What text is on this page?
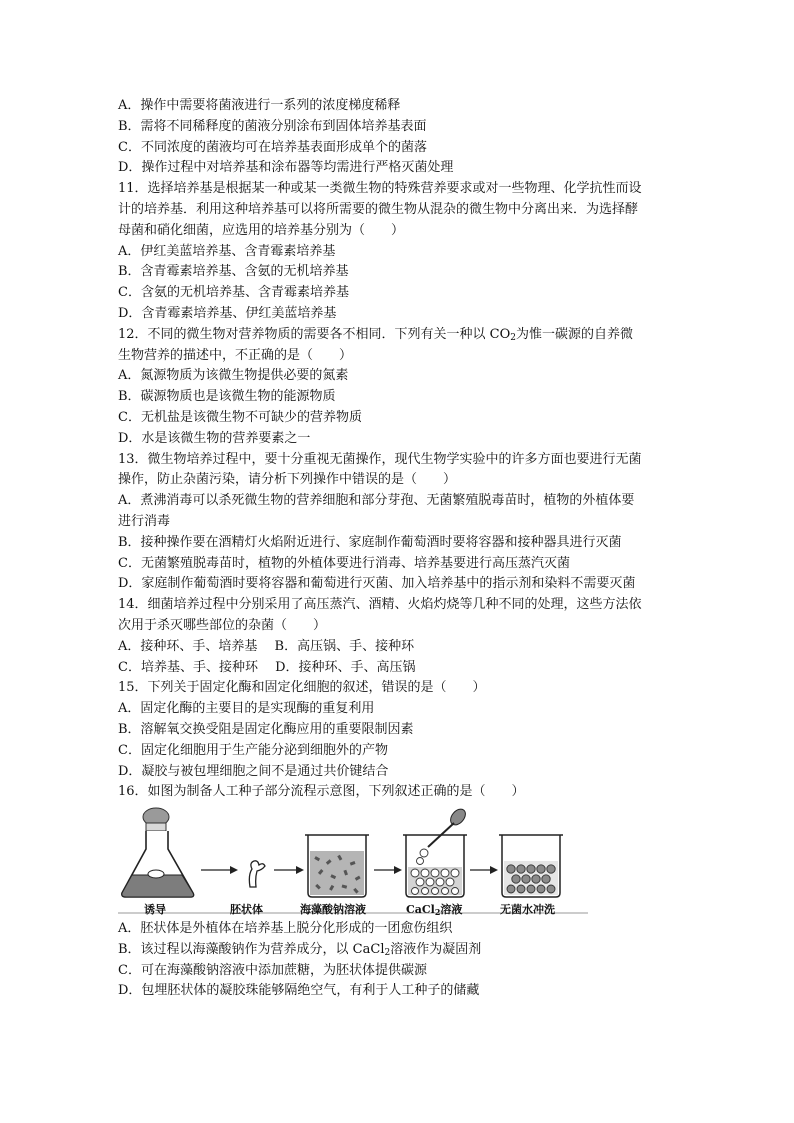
A．操作中需要将菌液进行一系列的浓度梯度稀释
B．需将不同稀释度的菌液分别涂布到固体培养基表面
C．不同浓度的菌液均可在培养基表面形成单个的菌落
D．操作过程中对培养基和涂布器等均需进行严格灭菌处理
11．选择培养基是根据某一种或某一类微生物的特殊营养要求或对一些物理、化学抗性而设
计的培养基．利用这种培养基可以将所需要的微生物从混杂的微生物中分离出来．为选择酵
母菌和硝化细菌，应选用的培养基分别为（　　）
A．伊红美蓝培养基、含青霉素培养基
B．含青霉素培养基、含氨的无机培养基
C．含氨的无机培养基、含青霉素培养基
D．含青霉素培养基、伊红美蓝培养基
12．不同的微生物对营养物质的需要各不相同．下列有关一种以 $CO_2$为惟一碳源的自养微
生物营养的描述中，不正确的是（　　）
A．氮源物质为该微生物提供必要的氮素
B．碳源物质也是该微生物的能源物质
C．无机盐是该微生物不可缺少的营养物质
D．水是该微生物的营养要素之一
13．微生物培养过程中，要十分重视无菌操作，现代生物学实验中的许多方面也要进行无菌
操作，防止杂菌污染，请分析下列操作中错误的是（　　）
A．煮沸消毒可以杀死微生物的营养细胞和部分芽孢、无菌繁殖脱毒苗时，植物的外植体要
进行消毒
B．接种操作要在酒精灯火焰附近进行、家庭制作葡萄酒时要将容器和接种器具进行灭菌
C．无菌繁殖脱毒苗时，植物的外植体要进行消毒、培养基要进行高压蒸汽灭菌
D．家庭制作葡萄酒时要将容器和葡萄进行灭菌、加入培养基中的指示剂和染料不需要灭菌
14．细菌培养过程中分别采用了高压蒸汽、酒精、火焰灼烧等几种不同的处理，这些方法依
次用于杀灭哪些部位的杂菌（　　）
A．接种环、手、培养基　 B．高压锅、手、接种环
C．培养基、手、接种环　 D．接种环、手、高压锅
15．下列关于固定化酶和固定化细胞的叙述，错误的是（　　）
A．固定化酶的主要目的是实现酶的重复利用
B．溶解氧交换受阻是固定化酶应用的重要限制因素
C．固定化细胞用于生产能分泌到细胞外的产物
D．凝胶与被包埋细胞之间不是通过共价键结合
16．如图为制备人工种子部分流程示意图，下列叙述正确的是（　　）
诱导	胚状体	海藻酸钠溶液	CaCl$_2$溶液	无菌水冲洗
A．胚状体是外植体在培养基上脱分化形成的一团愈伤组织
B．该过程以海藻酸钠作为营养成分，以 CaCl$_2$溶液作为凝固剂
C．可在海藻酸钠溶液中添加蔗糖，为胚状体提供碳源
D．包埋胚状体的凝胶珠能够隔绝空气，有利于人工种子的储藏
